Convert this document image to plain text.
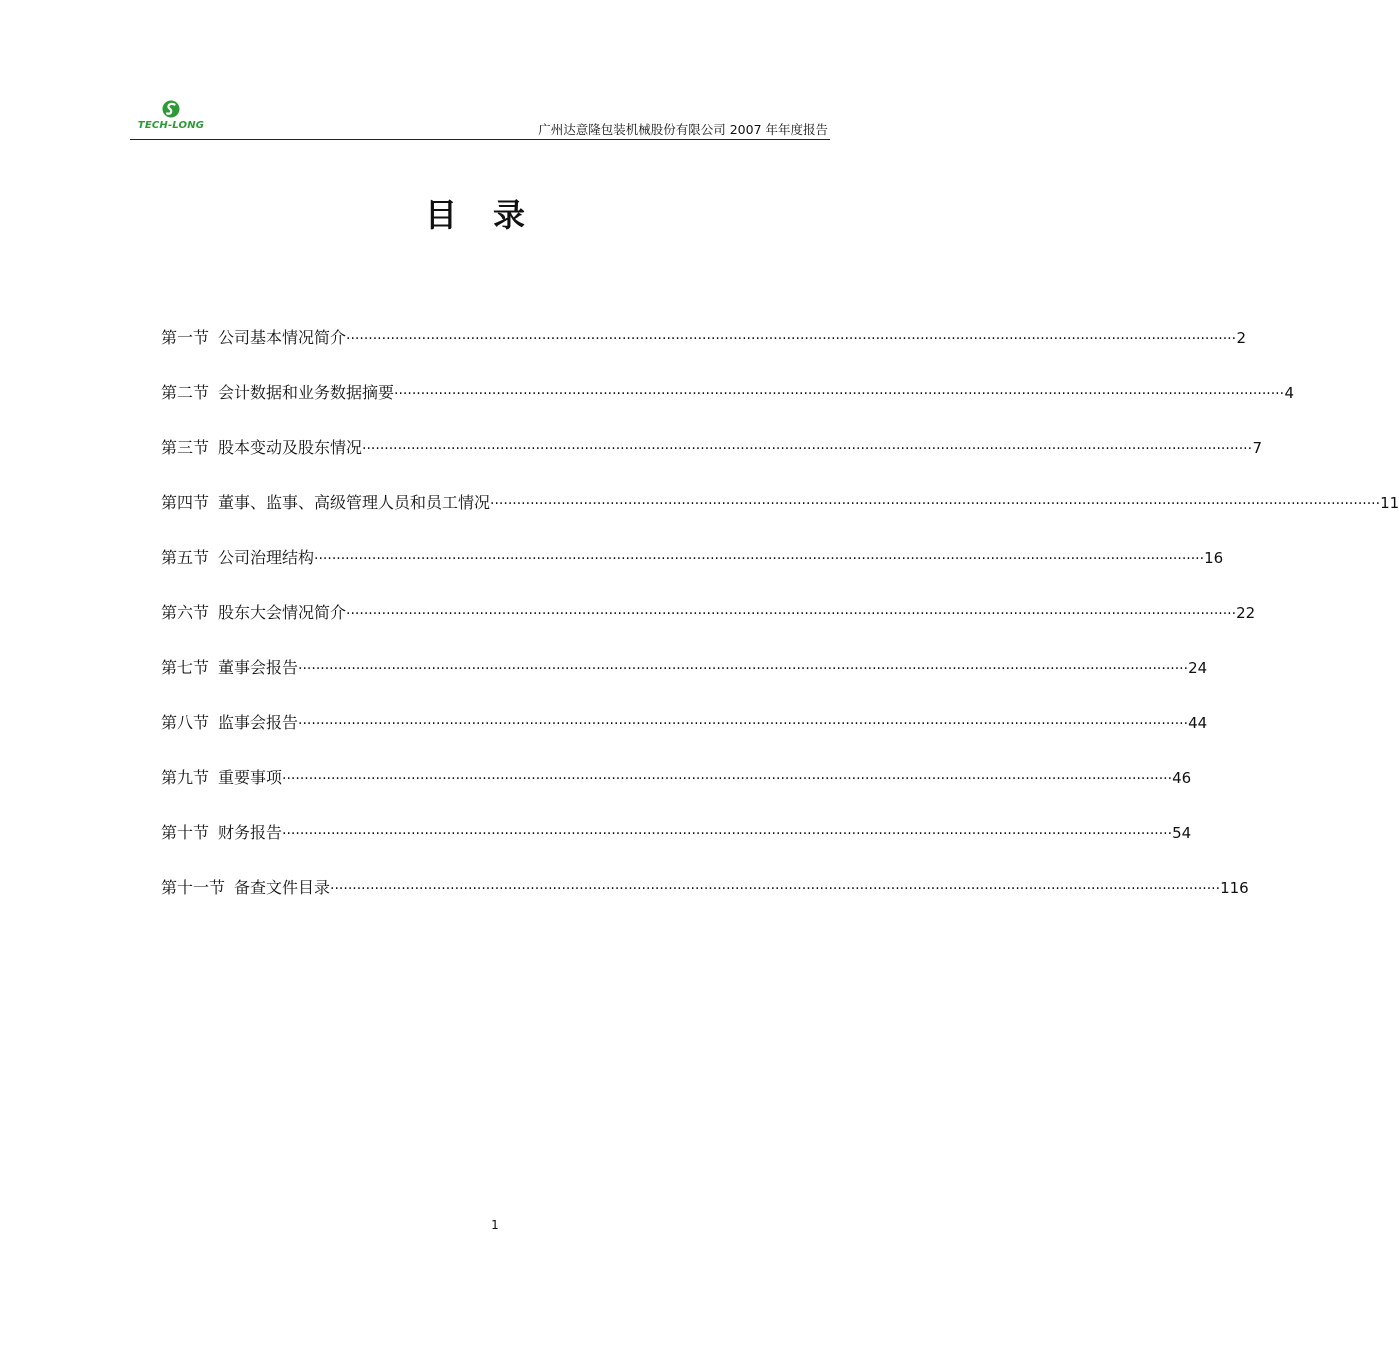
TECH-LONG	广州达意隆包装机械股份有限公司 2007 年年度报告
目录
第一节 公司基本情况简介 ········································································································································································································ 2
第二节 会计数据和业务数据摘要 ········································································································································································································ 4
第三节 股本变动及股东情况 ········································································································································································································ 7
第四节 董事、监事、高级管理人员和员工情况 ········································································································································································································ 11
第五节 公司治理结构 ········································································································································································································ 16
第六节 股东大会情况简介 ········································································································································································································ 22
第七节 董事会报告 ········································································································································································································ 24
第八节 监事会报告 ········································································································································································································ 44
第九节 重要事项 ········································································································································································································ 46
第十节 财务报告 ········································································································································································································ 54
第十一节 备查文件目录 ········································································································································································································ 116
1
